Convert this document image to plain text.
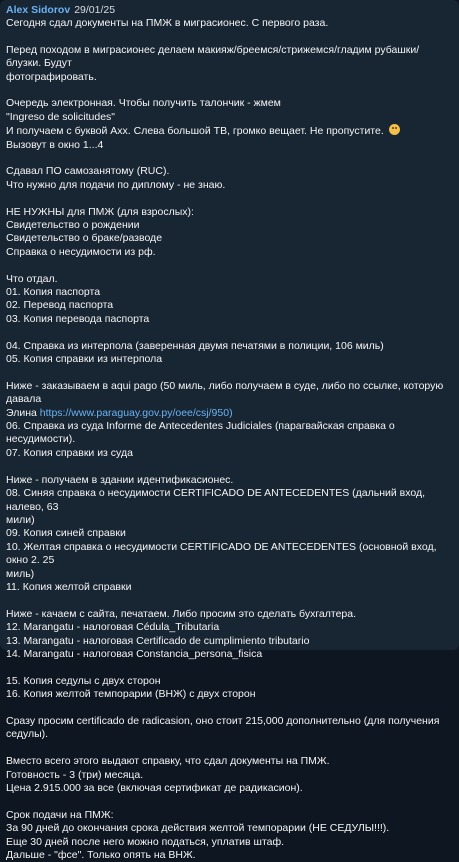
Alex Sidorov 29/01/25
Сегодня сдал документы на ПМЖ в миграсионес. С первого раза.
Перед походом в миграсионес делаем макияж/бреемся/стрижемся/гладим рубашки/блузки. Будут
фотографировать.
Очередь электронная. Чтобы получить талончик - жмем
"Ingreso de solicitudes"
И получаем с буквой Axx. Слева большой ТВ, громко вещает. Не пропустите.
Вызовут в окно 1...4
Сдавал ПО самозанятому (RUC).
Что нужно для подачи по диплому - не знаю.
НЕ НУЖНЫ для ПМЖ (для взрослых):
Свидетельство о рождении
Свидетельство о браке/разводе
Справка о несудимости из рф.
Что отдал.
01. Копия паспорта
02. Перевод паспорта
03. Копия перевода паспорта
04. Справка из интерпола (заверенная двумя печатями в полиции, 106 миль)
05. Копия справки из интерпола
Ниже - заказываем в aqui pago (50 миль, либо получаем в суде, либо по ссылке, которую давала
Элина https://www.paraguay.gov.py/oee/csj/950)
06. Справка из суда Informe de Antecedentes Judiciales (парагвайская справка о несудимости).
07. Копия справки из суда
Ниже - получаем в здании идентификасионес.
08. Синяя справка о несудимости CERTIFICADO DE ANTECEDENTES (дальний вход, налево, 63
мили)
09. Копия синей справки
10. Желтая справка о несудимости CERTIFICADO DE ANTECEDENTES (основной вход, окно 2. 25
миль)
11. Копия желтой справки
Ниже - качаем с сайта, печатаем. Либо просим это сделать бухгалтера.
12. Marangatu - налоговая Cédula_Tributaria
13. Marangatu - налоговая Certificado de cumplimiento tributario
14. Marangatu - налоговая Constancia_persona_fisica
15. Копия седулы с двух сторон
16. Копия желтой темпорарии (ВНЖ) с двух сторон
Сразу просим certificado de radicasion, оно стоит 215,000 дополнительно (для получения седулы).
Вместо всего этого выдают справку, что сдал документы на ПМЖ.
Готовность - 3 (три) месяца.
Цена 2.915.000 за все (включая сертификат де радикасион).
Срок подачи на ПМЖ:
За 90 дней до окончания срока действия желтой темпорарии (НЕ СЕДУЛЫ!!!).
Еще 30 дней после него можно податься, уплатив штаф.
Дальше - "фсе". Только опять на ВНЖ.
